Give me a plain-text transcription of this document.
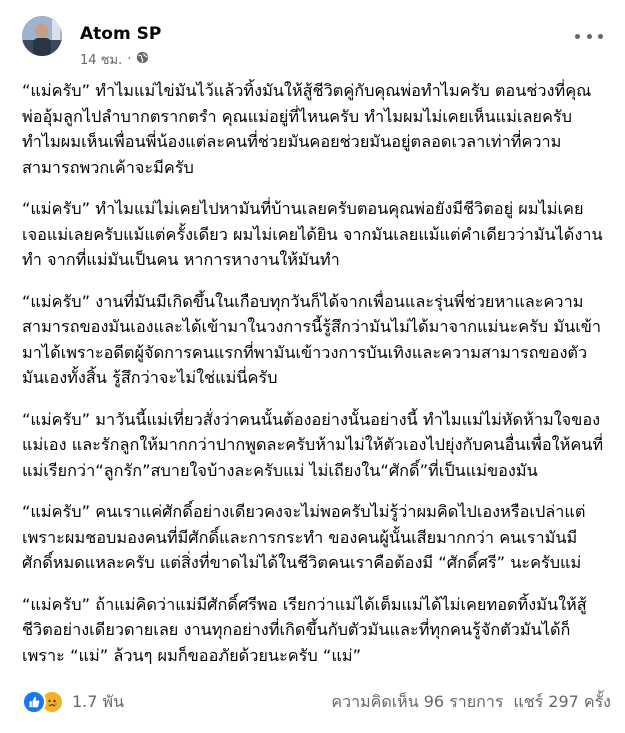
Atom SP
14 ชม. ·

“แม่ครับ” ทำไมแม่ไข่มันไว้แล้วทิ้งมันให้สู้ชีวิตคู่กับคุณพ่อทำไมครับ ตอนช่วงที่คุณพ่ออุ้มลูกไปลำบากตรากตรำ คุณแม่อยู่ที่ไหนครับ ทำไมผมไม่เคยเห็นแม่เลยครับ ทำไมผมเห็นเพื่อนพี่น้องแต่ละคนที่ช่วยมันคอยช่วยมันอยู่ตลอดเวลาเท่าที่ความสามารถพวกเค้าจะมีครับ

“แม่ครับ” ทำไมแม่ไม่เคยไปหามันที่บ้านเลยครับตอนคุณพ่อยังมีชีวิตอยู่ ผมไม่เคยเจอแม่เลยครับแม้แต่ครั้งเดียว ผมไม่เคยได้ยิน จากมันเลยแม้แต่คำเดียวว่ามันได้งานทำ จากที่แม่มันเป็นคน หาการหางานให้มันทำ

“แม่ครับ” งานที่มันมีเกิดขึ้นในเกือบทุกวันก็ได้จากเพื่อนและรุ่นพี่ช่วยหาและความสามารถของมันเองและได้เข้ามาในวงการนี้รู้สึกว่ามันไม่ได้มาจากแม่นะครับ มันเข้ามาได้เพราะอดีตผู้จัดการคนแรกที่พามันเข้าวงการบันเทิงและความสามารถของตัวมันเองทั้งสิ้น รู้สึกว่าจะไม่ใช่แม่นี่ครับ

“แม่ครับ” มาวันนี้แม่เที่ยวสั่งว่าคนนั้นต้องอย่างนั้นอย่างนี้ ทำไมแม่ไม่หัดห้ามใจของแม่เอง และรักลูกให้มากกว่าปากพูดละครับห้ามไม่ให้ตัวเองไปยุ่งกับคนอื่นเพื่อให้คนที่แม่เรียกว่า“ลูกรัก”สบายใจบ้างละครับแม่ ไม่เถียงใน“ศักดิ์”ที่เป็นแม่ของมัน

“แม่ครับ” คนเราแค่ศักดิ์อย่างเดียวคงจะไม่พอครับไม่รู้ว่าผมคิดไปเองหรือเปล่าแต่เพราะผมชอบมองคนที่มีศักดิ์และการกระทำ ของคนผู้นั้นเสียมากกว่า คนเรามันมีศักดิ์หมดแหละครับ แต่สิ่งที่ขาดไม่ได้ในชีวิตคนเราคือต้องมี “ศักดิ์ศรี” นะครับแม่

“แม่ครับ” ถ้าแม่คิดว่าแม่มีศักดิ์ศรีพอ เรียกว่าแม่ได้เต็มแม่ได้ไม่เคยทอดทิ้งมันให้สู้ชีวิตอย่างเดียวดายเลย งานทุกอย่างที่เกิดขึ้นกับตัวมันและที่ทุกคนรู้จักตัวมันได้ก็เพราะ “แม่” ล้วนๆ ผมก็ขออภัยด้วยนะครับ “แม่”

1.7 พัน	ความคิดเห็น 96 รายการ แชร์ 297 ครั้ง
